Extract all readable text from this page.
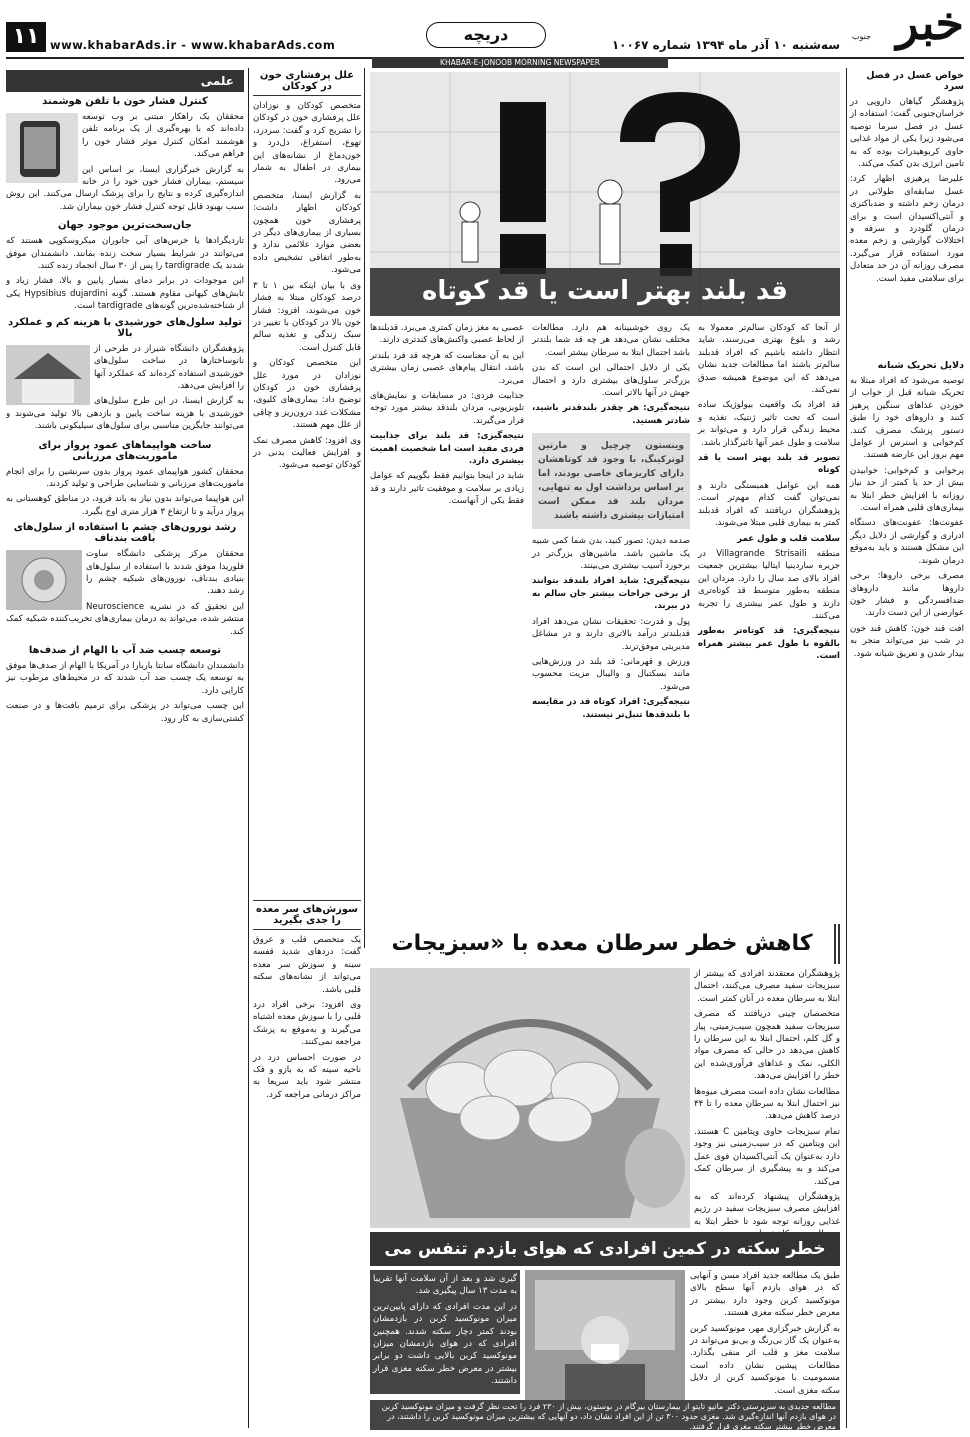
۱۱ www.khabarAds.ir - www.khabarAds.com
دریچه
سه‌شنبه ۱۰ آذر ماه ۱۳۹۴ شماره ۱۰۰۶۷ خبر
جنوب
KHABAR-E-JONOOB MORNING NEWSPAPER
خواص عسل در فصل سرد

پژوهشگر گیاهان دارویی در خراسان‌جنوبی گفت: استفاده از عسل در فصل سرما توصیه می‌شود زیرا یکی از مواد غذایی حاوی کربوهیدرات بوده که به تامین انرژی بدن کمک می‌کند.

علیرضا پرهیزی اظهار کرد: عسل سابقه‌ای طولانی در درمان زخم داشته و ضدباکتری و آنتی‌اکسیدان است و برای درمان گلودرد و سرفه و اختلالات گوارشی و زخم معده مورد استفاده قرار می‌گیرد. مصرف روزانه آن در حد متعادل برای سلامتی مفید است.

دلایل تحریک شبانه

توصیه می‌شود که افراد مبتلا به تحریک شبانه قبل از خواب از خوردن غذاهای سنگین پرهیز کنند و داروهای خود را طبق دستور پزشک مصرف کنند. کم‌خوابی و استرس از عوامل مهم بروز این عارضه هستند.

پرخوابی و کم‌خوابی: خوابیدن بیش از حد یا کمتر از حد نیاز روزانه با افزایش خطر ابتلا به بیماری‌های قلبی همراه است.

عفونت‌ها: عفونت‌های دستگاه ادراری و گوارشی از دلایل دیگر این مشکل هستند و باید به‌موقع درمان شوند.

مصرف برخی داروها: برخی داروها مانند داروهای ضدافسردگی و فشار خون عوارضی از این دست دارند.

افت قند خون: کاهش قند خون در شب نیز می‌تواند منجر به بیدار شدن و تعریق شبانه شود.

قد بلند بهتر است یا قد کوتاه

از آنجا که کودکان سالم‌تر معمولا به رشد و بلوغ بهتری می‌رسند، شاید انتظار داشته باشیم که افراد قدبلند سالم‌تر باشند اما مطالعات جدید نشان می‌دهد که این موضوع همیشه صدق نمی‌کند.

قد افراد یک واقعیت بیولوژیک ساده است که تحت تاثیر ژنتیک، تغذیه و محیط زندگی قرار دارد و می‌تواند بر سلامت و طول عمر آنها تاثیرگذار باشد.

تصویر قد بلند بهتر است یا قد کوتاه

همه این عوامل همبستگی دارند و نمی‌توان گفت کدام مهم‌تر است. پژوهشگران دریافتند که افراد قدبلند کمتر به بیماری قلبی مبتلا می‌شوند.

سلامت قلب و طول عمر

منطقه Villagrande Strisaili در جزیره ساردینیا ایتالیا بیشترین جمعیت افراد بالای صد سال را دارد. مردان این منطقه به‌طور متوسط قد کوتاه‌تری دارند و طول عمر بیشتری را تجربه می‌کنند.

نتیجه‌گیری: قد کوتاه‌تر به‌طور بالقوه با طول عمر بیشتر همراه است.

یک روی خوشبینانه هم دارد. مطالعات مختلف نشان می‌دهد هر چه قد شما بلندتر باشد احتمال ابتلا به سرطان بیشتر است.

یکی از دلایل احتمالی این است که بدن بزرگ‌تر سلول‌های بیشتری دارد و احتمال جهش در آنها بالاتر است.

نتیجه‌گیری: هر چقدر بلندقدتر باشید، شادتر هستید.

وینستون چرچیل و مارتین لوترکینگ، با وجود قد کوتاهشان دارای کاریزمای خاصی بودند، اما بر اساس برداشت اول به تنهایی، مردان بلند قد ممکن است امتیازات بیشتری داشته باشند

صدمه دیدن: تصور کنید، بدن شما کمی شبیه یک ماشین باشد. ماشین‌های بزرگ‌تر در برخورد آسیب بیشتری می‌بینند.

نتیجه‌گیری: شاید افراد بلندقد بتوانند از برخی جراحات بیشتر جان سالم به در ببرند.

پول و قدرت: تحقیقات نشان می‌دهد افراد قدبلندتر درآمد بالاتری دارند و در مشاغل مدیریتی موفق‌ترند.

ورزش و قهرمانی: قد بلند در ورزش‌هایی مانند بسکتبال و والیبال مزیت محسوب می‌شود.

نتیجه‌گیری: افراد کوتاه قد در مقایسه با بلندقدها تنبل‌تر نیستند.

عصبی به مغز زمان کمتری می‌برد. قدبلندها از لحاظ عصبی واکنش‌های کندتری دارند.

این به آن معناست که هرچه قد فرد بلندتر باشد، انتقال پیام‌های عصبی زمان بیشتری می‌برد.

جذابیت فردی: در مسابقات و نمایش‌های تلویزیونی، مردان بلندقد بیشتر مورد توجه قرار می‌گیرند.

نتیجه‌گیری: قد بلند برای جذابیت فردی مفید است اما شخصیت اهمیت بیشتری دارد.

شاید در اینجا بتوانیم فقط بگوییم که عوامل زیادی بر سلامت و موفقیت تاثیر دارند و قد فقط یکی از آنهاست.

کاهش خطر سرطان معده با «سبزیجات

پژوهشگران معتقدند افرادی که بیشتر از سبزیجات سفید مصرف می‌کنند، احتمال ابتلا به سرطان معده در آنان کمتر است.

متخصصان چینی دریافتند که مصرف سبزیجات سفید همچون سیب‌زمینی، پیاز و گل کلم، احتمال ابتلا به این سرطان را کاهش می‌دهد در حالی که مصرف مواد الکلی، نمک و غذاهای فرآوری‌شده این خطر را افزایش می‌دهد.

مطالعات نشان داده است مصرف میوه‌ها نیز احتمال ابتلا به سرطان معده را تا ۴۴ درصد کاهش می‌دهد.

تمام سبزیجات حاوی ویتامین C هستند. این ویتامین که در سیب‌زمینی نیز وجود دارد به‌عنوان یک آنتی‌اکسیدان قوی عمل می‌کند و به پیشگیری از سرطان کمک می‌کند.

پژوهشگران پیشنهاد کرده‌اند که به افزایش مصرف سبزیجات سفید در رژیم غذایی روزانه توجه شود تا خطر ابتلا به

خطر سکته در کمین افرادی که هوای بازدم تنفس می

طبق یک مطالعه جدید افراد مسن و آنهایی که در هوای بازدم آنها سطح بالای مونوکسید کربن وجود دارد بیشتر در معرض خطر سکته مغزی هستند.

به گزارش خبرگزاری مهر، مونوکسید کربن به‌عنوان یک گاز بی‌رنگ و بی‌بو می‌تواند در سلامت مغز و قلب اثر منفی بگذارد. مطالعات پیشین نشان داده است مسمومیت با مونوکسید کربن از دلایل سکته مغزی است.

گیری شد و بعد از آن سلامت آنها تقریبا به مدت ۱۳ سال پیگیری شد.

در این مدت افرادی که دارای پایین‌ترین میزان مونوکسید کربن در بازدمشان بودند کمتر دچار سکته شدند. همچنین افرادی که در هوای بازدمشان میزان مونوکسید کربن بالایی داشت دو برابر بیشتر در معرض خطر سکته مغزی قرار داشتند.

مطالعه جدیدی به سرپرستی دکتر ماتیو تایتو از بیمارستان بیرگام در بوستون، بیش از ۲۳۰ فرد را تحت نظر گرفت و میزان مونوکسید کربن در هوای بازدم آنها اندازه‌گیری شد. مغزی حدود ۳۰۰ تن از این افراد نشان داد، دو آنهایی که بیشترین میزان مونوکسید کربن را داشتند، در معرض خطر بیشتر سکته مغزی قرار گرفتند.
علل پرفشاری خون در کودکان

متخصص کودکان و نوزادان علل پرفشاری خون در کودکان را تشریح کرد و گفت: سردرد، تهوع، استفراغ، دل‌درد و خون‌دماغ از نشانه‌های این بیماری در اطفال به شمار می‌رود.

به گزارش ایسنا، متخصص کودکان اظهار داشت: پرفشاری خون همچون بسیاری از بیماری‌های دیگر در بعضی موارد علائمی ندارد و به‌طور اتفاقی تشخیص داده می‌شود.

وی با بیان اینکه بین ۱ تا ۳ درصد کودکان مبتلا به فشار خون می‌شوند، افزود: فشار خون بالا در کودکان با تغییر در سبک زندگی و تغذیه سالم قابل کنترل است.

این متخصص کودکان و نوزادان در مورد علل پرفشاری خون در کودکان توضیح داد: بیماری‌های کلیوی، مشکلات غدد درون‌ریز و چاقی از علل مهم هستند.

وی افزود: کاهش مصرف نمک و افزایش فعالیت بدنی در کودکان توصیه می‌شود.

سوزش‌های سر معده را جدی بگیرید

یک متخصص قلب و عروق گفت: دردهای شدید قفسه سینه و سوزش سر معده می‌تواند از نشانه‌های سکته قلبی باشد.

وی افزود: برخی افراد درد قلبی را با سوزش معده اشتباه می‌گیرند و به‌موقع به پزشک مراجعه نمی‌کنند.

در صورت احساس درد در ناحیه سینه که به بازو و فک منتشر شود باید سریعا به مراکز درمانی مراجعه کرد.

علمی
کنترل فشار خون با تلفن هوشمند

محققان یک راهکار مبتنی بر وب توسعه داده‌اند که با بهره‌گیری از یک برنامه تلفن هوشمند امکان کنترل موثر فشار خون را فراهم می‌کند.

به گزارش خبرگزاری ایسنا، بر اساس این سیستم، بیماران فشار خون خود را در خانه اندازه‌گیری کرده و نتایج را برای پزشک ارسال می‌کنند. این روش سبب بهبود قابل توجه کنترل فشار خون بیماران شد.

جان‌سخت‌ترین موجود جهان

تاردیگرادها یا خرس‌های آبی جانوران میکروسکوپی هستند که می‌توانند در شرایط بسیار سخت زنده بمانند. دانشمندان موفق شدند یک tardigrade را پس از ۳۰ سال انجماد زنده کنند.

این موجودات در برابر دمای بسیار پایین و بالا، فشار زیاد و تابش‌های کیهانی مقاوم هستند. گونه Hypsibius dujardini یکی از شناخته‌شده‌ترین گونه‌های tardigrade است.

تولید سلول‌های خورشیدی با هزینه کم و عملکرد بالا

پژوهشگران دانشگاه شیراز در طرحی از نانوساختارها در ساخت سلول‌های خورشیدی استفاده کرده‌اند که عملکرد آنها را افزایش می‌دهد.

به گزارش ایسنا، در این طرح سلول‌های خورشیدی با هزینه ساخت پایین و بازدهی بالا تولید می‌شوند و می‌توانند جایگزین مناسبی برای سلول‌های سیلیکونی باشند.

ساخت هواپیماهای عمود پرواز برای ماموریت‌های مرزبانی

محققان کشور هواپیمای عمود پرواز بدون سرنشین را برای انجام ماموریت‌های مرزبانی و شناسایی طراحی و تولید کردند.

این هواپیما می‌تواند بدون نیاز به باند فرود، در مناطق کوهستانی به پرواز درآید و تا ارتفاع ۳ هزار متری اوج بگیرد.

رشد نورون‌های چشم با استفاده از سلول‌های بافت بندناف

محققان مرکز پزشکی دانشگاه ساوت فلوریدا موفق شدند با استفاده از سلول‌های بنیادی بندناف، نورون‌های شبکیه چشم را رشد دهند.

این تحقیق که در نشریه Neuroscience منتشر شده، می‌تواند به درمان بیماری‌های تخریب‌کننده شبکیه کمک کند.

توسعه چسب ضد آب با الهام از صدف‌ها

دانشمندان دانشگاه سانتا باربارا در آمریکا با الهام از صدف‌ها موفق به توسعه یک چسب ضد آب شدند که در محیط‌های مرطوب نیز کارایی دارد.

این چسب می‌تواند در پزشکی برای ترمیم بافت‌ها و در صنعت کشتی‌سازی به کار رود.
